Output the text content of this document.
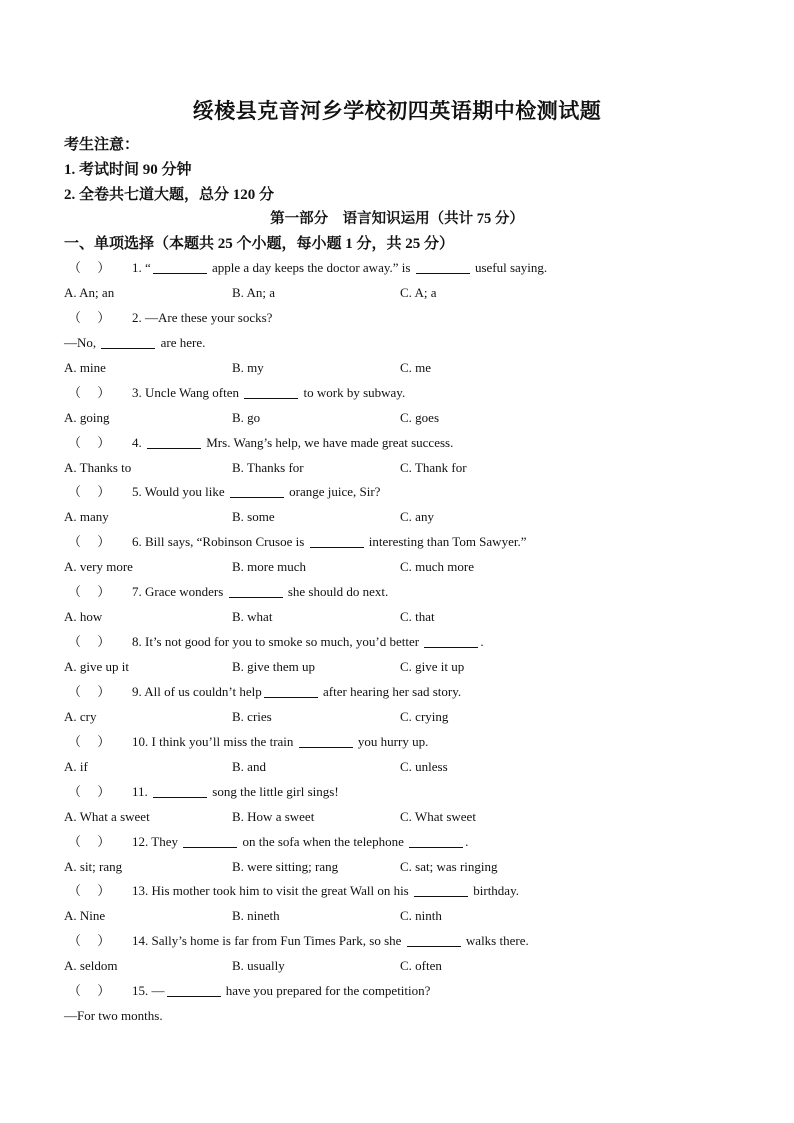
绥棱县克音河乡学校初四英语期中检测试题
考生注意：
1. 考试时间 90 分钟
2. 全卷共七道大题，总分 120 分
第一部分　语言知识运用（共计 75 分）
一、单项选择（本题共 25 个小题，每小题 1 分，共 25 分）
（     ） 1. “	apple a day keeps the doctor away.” is	useful saying.
A. An; an	B. An; a	C. A; a
（     ） 2. —Are these your socks?
—No,	are here.
A. mine	B. my	C. me
（     ） 3. Uncle Wang often	to work by subway.
A. going	B. go	C. goes
（     ） 4.	Mrs. Wang’s help, we have made great success.
A. Thanks to	B. Thanks for	C. Thank for
（     ） 5. Would you like	orange juice, Sir?
A. many	B. some	C. any
（     ） 6. Bill says, “Robinson Crusoe is	interesting than Tom Sawyer.”
A. very more	B. more much	C. much more
（     ） 7. Grace wonders	she should do next.
A. how	B. what	C. that
（     ） 8. It’s not good for you to smoke so much, you’d better	.
A. give up it	B. give them up	C. give it up
（     ） 9. All of us couldn’t help	after hearing her sad story.
A. cry	B. cries	C. crying
（     ） 10. I think you’ll miss the train	you hurry up.
A. if	B. and	C. unless
（     ） 11.	song the little girl sings!
A. What a sweet	B. How a sweet	C. What sweet
（     ） 12. They	on the sofa when the telephone	.
A. sit; rang	B. were sitting; rang	C. sat; was ringing
（     ） 13. His mother took him to visit the great Wall on his	birthday.
A. Nine	B. nineth	C. ninth
（     ） 14. Sally’s home is far from Fun Times Park, so she	walks there.
A. seldom	B. usually	C. often
（     ） 15. —	have you prepared for the competition?
—For two months.
